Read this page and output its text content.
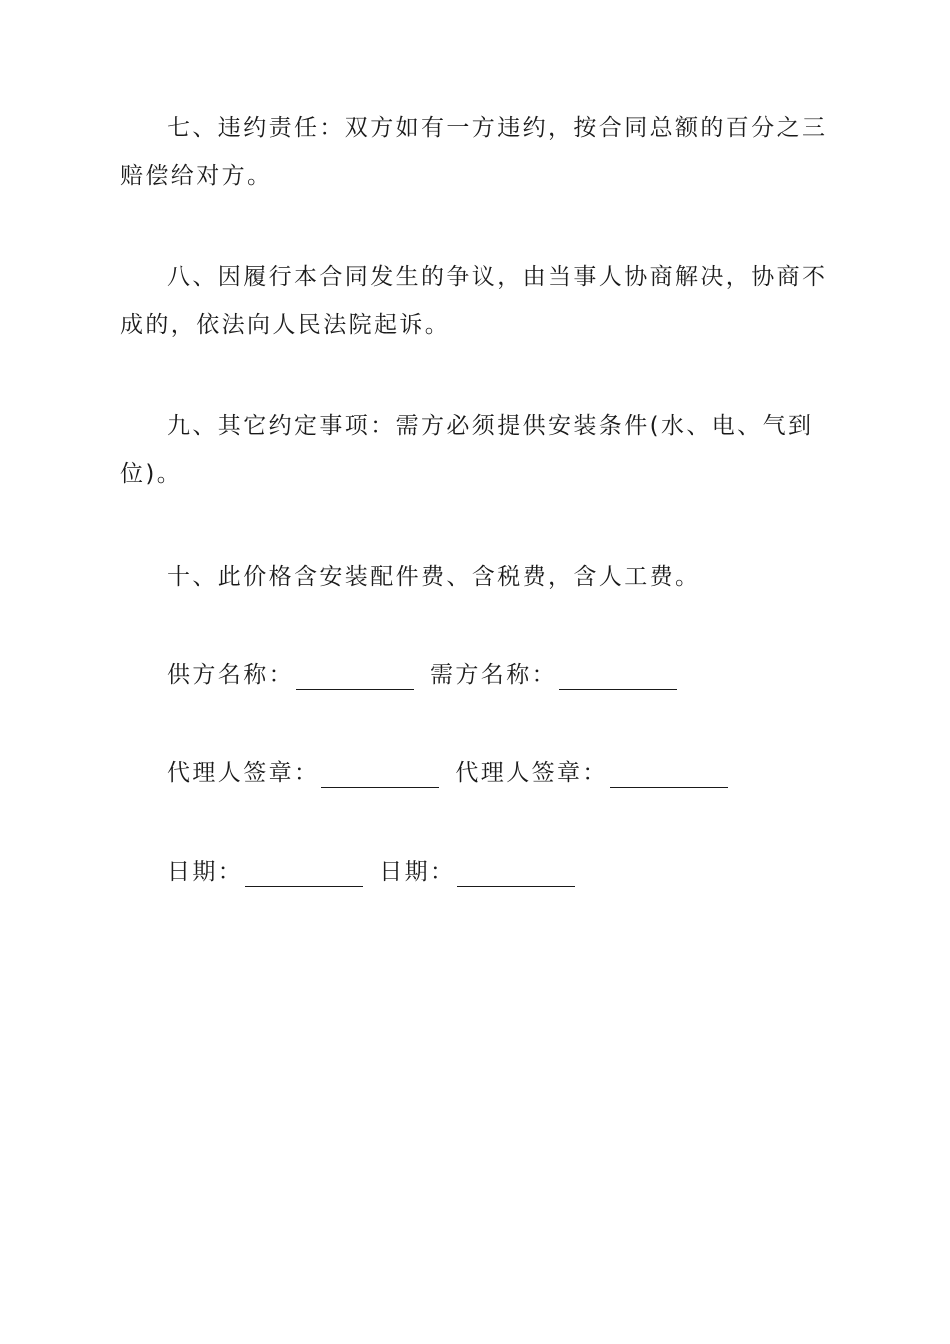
七、违约责任：双方如有一方违约，按合同总额的百分之三赔偿给对方。

八、因履行本合同发生的争议，由当事人协商解决，协商不成的，依法向人民法院起诉。

九、其它约定事项：需方必须提供安装条件(水、电、气到位)。

十、此价格含安装配件费、含税费，含人工费。

供方名称：	需方名称：
代理人签章：	代理人签章：
日期：	日期：
